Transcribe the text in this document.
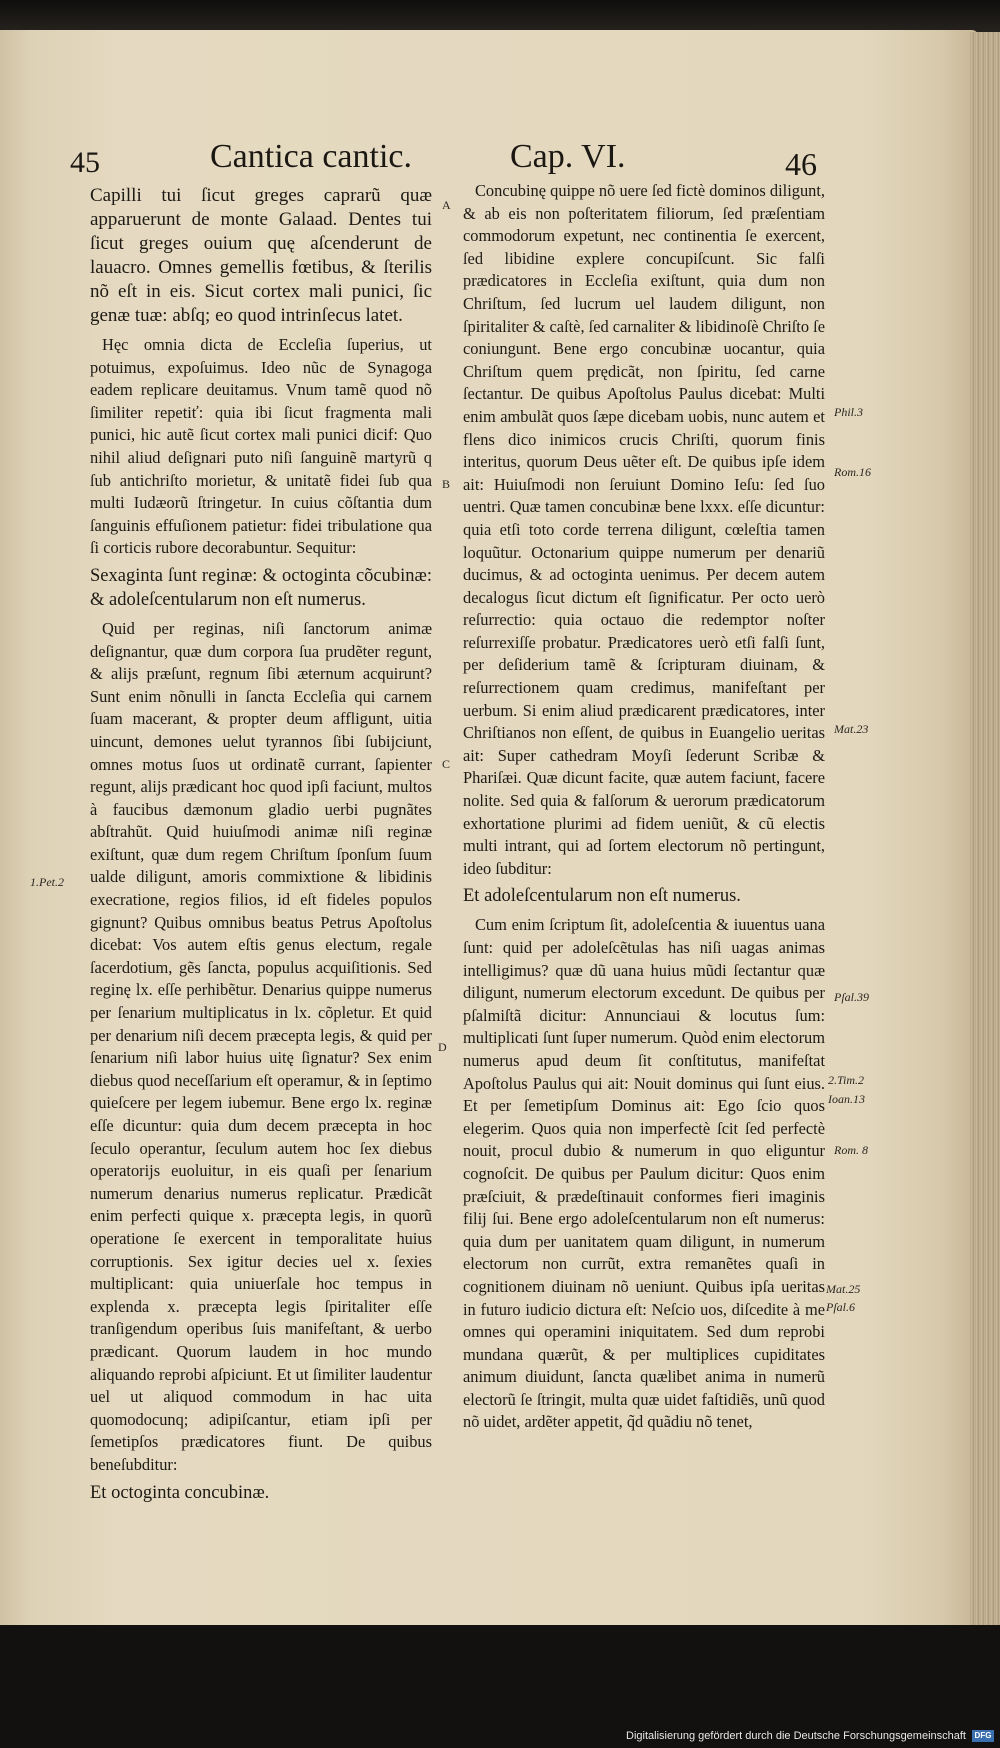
45	Cantica cantic.	Cap. VI.	46

Capilli tui ſicut greges caprarũ quæ apparuerunt de monte Galaad. Dentes tui ſicut greges ouium quę aſcenderunt de lauacro. Omnes gemellis fœtibus, & ſterilis nõ eſt in eis. Sicut cortex mali punici, ſic genæ tuæ: abſq; eo quod intrinſecus latet.

Hęc omnia dicta de Eccleſia ſuperius, ut potuimus, expoſuimus. Ideo nũc de Synagoga eadem replicare deuitamus. Vnum tamẽ quod nõ ſimiliter repetiť: quia ibi ſicut fragmenta mali punici, hic autẽ ſicut cortex mali punici dicif: Quo nihil aliud deſignari puto niſi ſanguinẽ martyrũ q ſub antichriſto morietur, & unitatẽ fidei ſub qua multi Iudæorũ ſtringetur. In cuius cõſtantia dum ſanguinis effuſionem patietur: fidei tribulatione qua ſi corticis rubore decorabuntur. Sequitur:

Sexaginta ſunt reginæ: & octoginta cõcubinæ: & adoleſcentularum non eſt numerus.

Quid per reginas, niſi ſanctorum animæ deſignantur, quæ dum corpora ſua prudẽter regunt, & alijs præſunt, regnum ſibi æternum acquirunt? Sunt enim nõnulli in ſancta Eccleſia qui carnem ſuam macerant, & propter deum affligunt, uitia uincunt, demones uelut tyrannos ſibi ſubijciunt, omnes motus ſuos ut ordinatẽ currant, ſapienter regunt, alijs prædicant hoc quod ipſi faciunt, multos à faucibus dæmonum gladio uerbi pugnãtes abſtrahũt. Quid huiuſmodi animæ niſi reginæ exiſtunt, quæ dum regem Chriſtum ſponſum ſuum ualde diligunt, amoris commixtione & libidinis execratione, regios filios, id eſt fideles populos gignunt? Quibus omnibus beatus Petrus Apoſtolus dicebat: Vos autem eſtis genus electum, regale ſacerdotium, gẽs ſancta, populus acquiſitionis. Sed reginę lx. eſſe perhibẽtur. Denarius quippe numerus per ſenarium multiplicatus in lx. cõpletur. Et quid per denarium niſi decem præcepta legis, & quid per ſenarium niſi labor huius uitę ſignatur? Sex enim diebus quod neceſſarium eſt operamur, & in ſeptimo quieſcere per legem iubemur. Bene ergo lx. reginæ eſſe dicuntur: quia dum decem præcepta in hoc ſeculo operantur, ſeculum autem hoc ſex diebus operatorijs euoluitur, in eis quaſi per ſenarium numerum denarius numerus replicatur. Prædicãt enim perfecti quique x. præcepta legis, in quorũ operatione ſe exercent in temporalitate huius corruptionis. Sex igitur decies uel x. ſexies multiplicant: quia uniuerſale hoc tempus in explenda x. præcepta legis ſpiritaliter eſſe tranſigendum operibus ſuis manifeſtant, & uerbo prædicant. Quorum laudem in hoc mundo aliquando reprobi aſpiciunt. Et ut ſimiliter laudentur uel ut aliquod commodum in hac uita quomodocunq; adipiſcantur, etiam ipſi per ſemetipſos prædicatores fiunt. De quibus beneſubditur:

Et octoginta concubinæ.

Concubinę quippe nõ uere ſed fictè dominos diligunt, & ab eis non poſteritatem filiorum, ſed præſentiam commodorum expetunt, nec continentia ſe exercent, ſed libidine explere concupiſcunt. Sic falſi prædicatores in Eccleſia exiſtunt, quia dum non Chriſtum, ſed lucrum uel laudem diligunt, non ſpiritaliter & caſtè, ſed carnaliter & libidinoſè Chriſto ſe coniungunt. Bene ergo concubinæ uocantur, quia Chriſtum quem prędicãt, non ſpiritu, ſed carne ſectantur. De quibus Apoſtolus Paulus dicebat: Multi enim ambulãt quos ſæpe dicebam uobis, nunc autem et flens dico inimicos crucis Chriſti, quorum finis interitus, quorum Deus uẽter eſt. De quibus ipſe idem ait: Huiuſmodi non ſeruiunt Domino Ieſu: ſed ſuo uentri. Quæ tamen concubinæ bene lxxx. eſſe dicuntur: quia etſi toto corde terrena diligunt, cœleſtia tamen loquũtur. Octonarium quippe numerum per denariũ ducimus, & ad octoginta uenimus. Per decem autem decalogus ſicut dictum eſt ſignificatur. Per octo uerò reſurrectio: quia octauo die redemptor noſter reſurrexiſſe probatur. Prædicatores uerò etſi falſi ſunt, per deſiderium tamẽ & ſcripturam diuinam, & reſurrectionem quam credimus, manifeſtant per uerbum. Si enim aliud prædicarent prædicatores, inter Chriſtianos non eſſent, de quibus in Euangelio ueritas ait: Super cathedram Moyſi ſederunt Scribæ & Phariſæi. Quæ dicunt facite, quæ autem faciunt, facere nolite. Sed quia & falſorum & uerorum prædicatorum exhortatione plurimi ad fidem ueniũt, & cũ electis multi intrant, qui ad ſortem electorum nõ pertingunt, ideo ſubditur:

Et adoleſcentularum non eſt numerus.

Cum enim ſcriptum ſit, adoleſcentia & iuuentus uana ſunt: quid per adoleſcẽtulas has niſi uagas animas intelligimus? quæ dũ uana huius mũdi ſectantur quæ diligunt, numerum electorum excedunt. De quibus per pſalmiſtã dicitur: Annunciaui & locutus ſum: multiplicati ſunt ſuper numerum. Quòd enim electorum numerus apud deum ſit conſtitutus, manifeſtat Apoſtolus Paulus qui ait: Nouit dominus qui ſunt eius. Et per ſemetipſum Dominus ait: Ego ſcio quos elegerim. Quos quia non imperfectè ſcit ſed perfectè nouit, procul dubio & numerum in quo eliguntur cognoſcit. De quibus per Paulum dicitur: Quos enim præſciuit, & prædeſtinauit conformes fieri imaginis filij ſui. Bene ergo adoleſcentularum non eſt numerus: quia dum per uanitatem quam diligunt, in numerum electorum non currũt, extra remanẽtes quaſi in cognitionem diuinam nõ ueniunt. Quibus ipſa ueritas in futuro iudicio dictura eſt: Neſcio uos, diſcedite à me omnes qui operamini iniquitatem. Sed dum reprobi mundana quærũt, & per multiplices cupiditates animum diuidunt, ſancta quælibet anima in numerũ electorũ ſe ſtringit, multa quæ uidet faſtidiẽs, unũ quod nõ uidet, ardẽter appetit, q̃d quãdiu nõ tenet,

A
B
C
D
1.Pet.2
Phil.3
Rom.16
Mat.23
Pſal.39
2.Tim.2
Ioan.13
Rom. 8
Mat.25
Pſal.6
Digitalisierung gefördert durch die Deutsche Forschungsgemeinschaft	DFG
